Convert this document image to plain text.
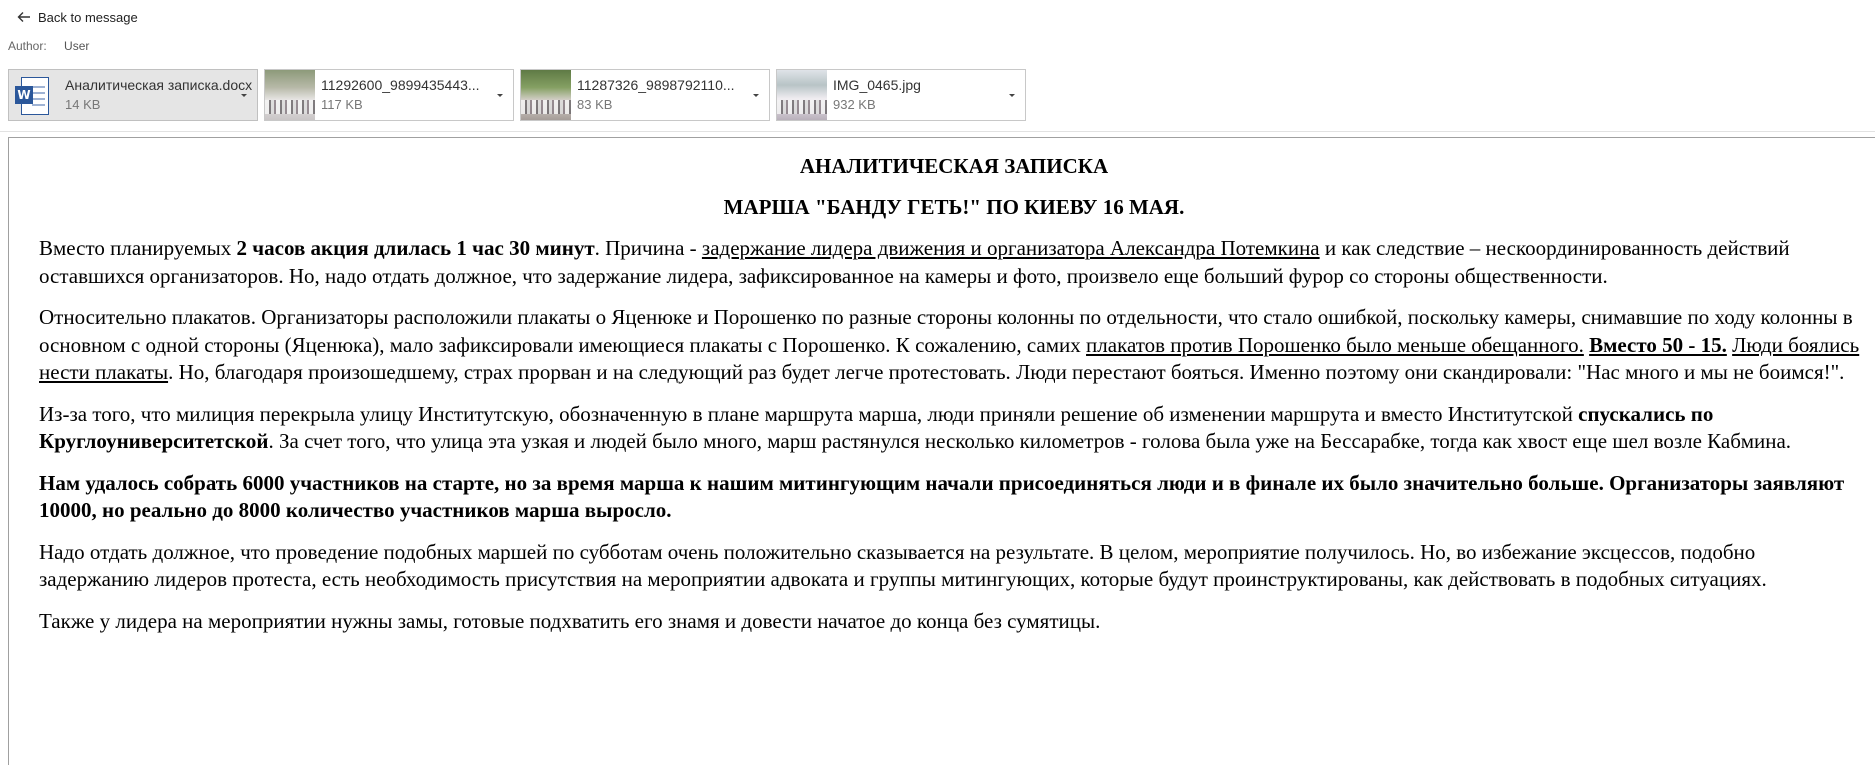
Back to message
Author: User
W
Аналитическая записка.docx
14 KB
11292600_9899435443...
117 KB
11287326_9898792110...
83 KB
IMG_0465.jpg
932 KB
АНАЛИТИЧЕСКАЯ ЗАПИСКА
МАРША "БАНДУ ГЕТЬ!" ПО КИЕВУ 16 МАЯ.

Вместо планируемых 2 часов акция длилась 1 час 30 минут. Причина - задержание лидера движения и организатора Александра Потемкина и как следствие – нескоординированность действий оставшихся организаторов. Но, надо отдать должное, что задержание лидера, зафиксированное на камеры и фото, произвело еще больший фурор со стороны общественности.

Относительно плакатов. Организаторы расположили плакаты о Яценюке и Порошенко по разные стороны колонны по отдельности, что стало ошибкой, поскольку камеры, снимавшие по ходу колонны в основном с одной стороны (Яценюка), мало зафиксировали имеющиеся плакаты с Порошенко. К сожалению, самих плакатов против Порошенко было меньше обещанного. Вместо 50 - 15. Люди боялись нести плакаты. Но, благодаря произошедшему, страх прорван и на следующий раз будет легче протестовать. Люди перестают бояться. Именно поэтому они скандировали: "Нас много и мы не боимся!".

Из-за того, что милиция перекрыла улицу Институтскую, обозначенную в плане маршрута марша, люди приняли решение об изменении маршрута и вместо Институтской спускались по Круглоуниверситетской. За счет того, что улица эта узкая и людей было много, марш растянулся несколько километров - голова была уже на Бессарабке, тогда как хвост еще шел возле Кабмина.

Нам удалось собрать 6000 участников на старте, но за время марша к нашим митингующим начали присоединяться люди и в финале их было значительно больше. Организаторы заявляют 10000, но реально до 8000 количество участников марша выросло.

Надо отдать должное, что проведение подобных маршей по субботам очень положительно сказывается на результате. В целом, мероприятие получилось. Но, во избежание эксцессов, подобно задержанию лидеров протеста, есть необходимость присутствия на мероприятии адвоката и группы митингующих, которые будут проинструктированы, как действовать в подобных ситуациях.

Также у лидера на мероприятии нужны замы, готовые подхватить его знамя и довести начатое до конца без сумятицы.
